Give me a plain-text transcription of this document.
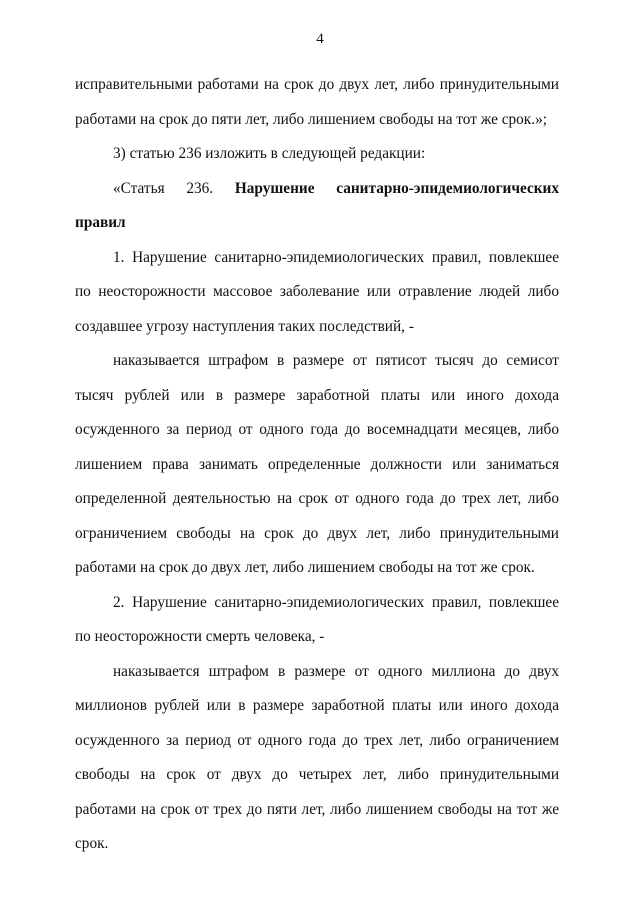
4

исправительными работами на срок до двух лет, либо принудительными работами на срок до пяти лет, либо лишением свободы на тот же срок.»;

3) статью 236 изложить в следующей редакции:

«Статья 236. Нарушение санитарно-эпидемиологических правил

1. Нарушение санитарно-эпидемиологических правил, повлекшее по неосторожности массовое заболевание или отравление людей либо создавшее угрозу наступления таких последствий, -

наказывается штрафом в размере от пятисот тысяч до семисот тысяч рублей или в размере заработной платы или иного дохода осужденного за период от одного года до восемнадцати месяцев, либо лишением права занимать определенные должности или заниматься определенной деятельностью на срок от одного года до трех лет, либо ограничением свободы на срок до двух лет, либо принудительными работами на срок до двух лет, либо лишением свободы на тот же срок.

2. Нарушение санитарно-эпидемиологических правил, повлекшее по неосторожности смерть человека, -

наказывается штрафом в размере от одного миллиона до двух миллионов рублей или в размере заработной платы или иного дохода осужденного за период от одного года до трех лет, либо ограничением свободы на срок от двух до четырех лет, либо принудительными работами на срок от трех до пяти лет, либо лишением свободы на тот же срок.
